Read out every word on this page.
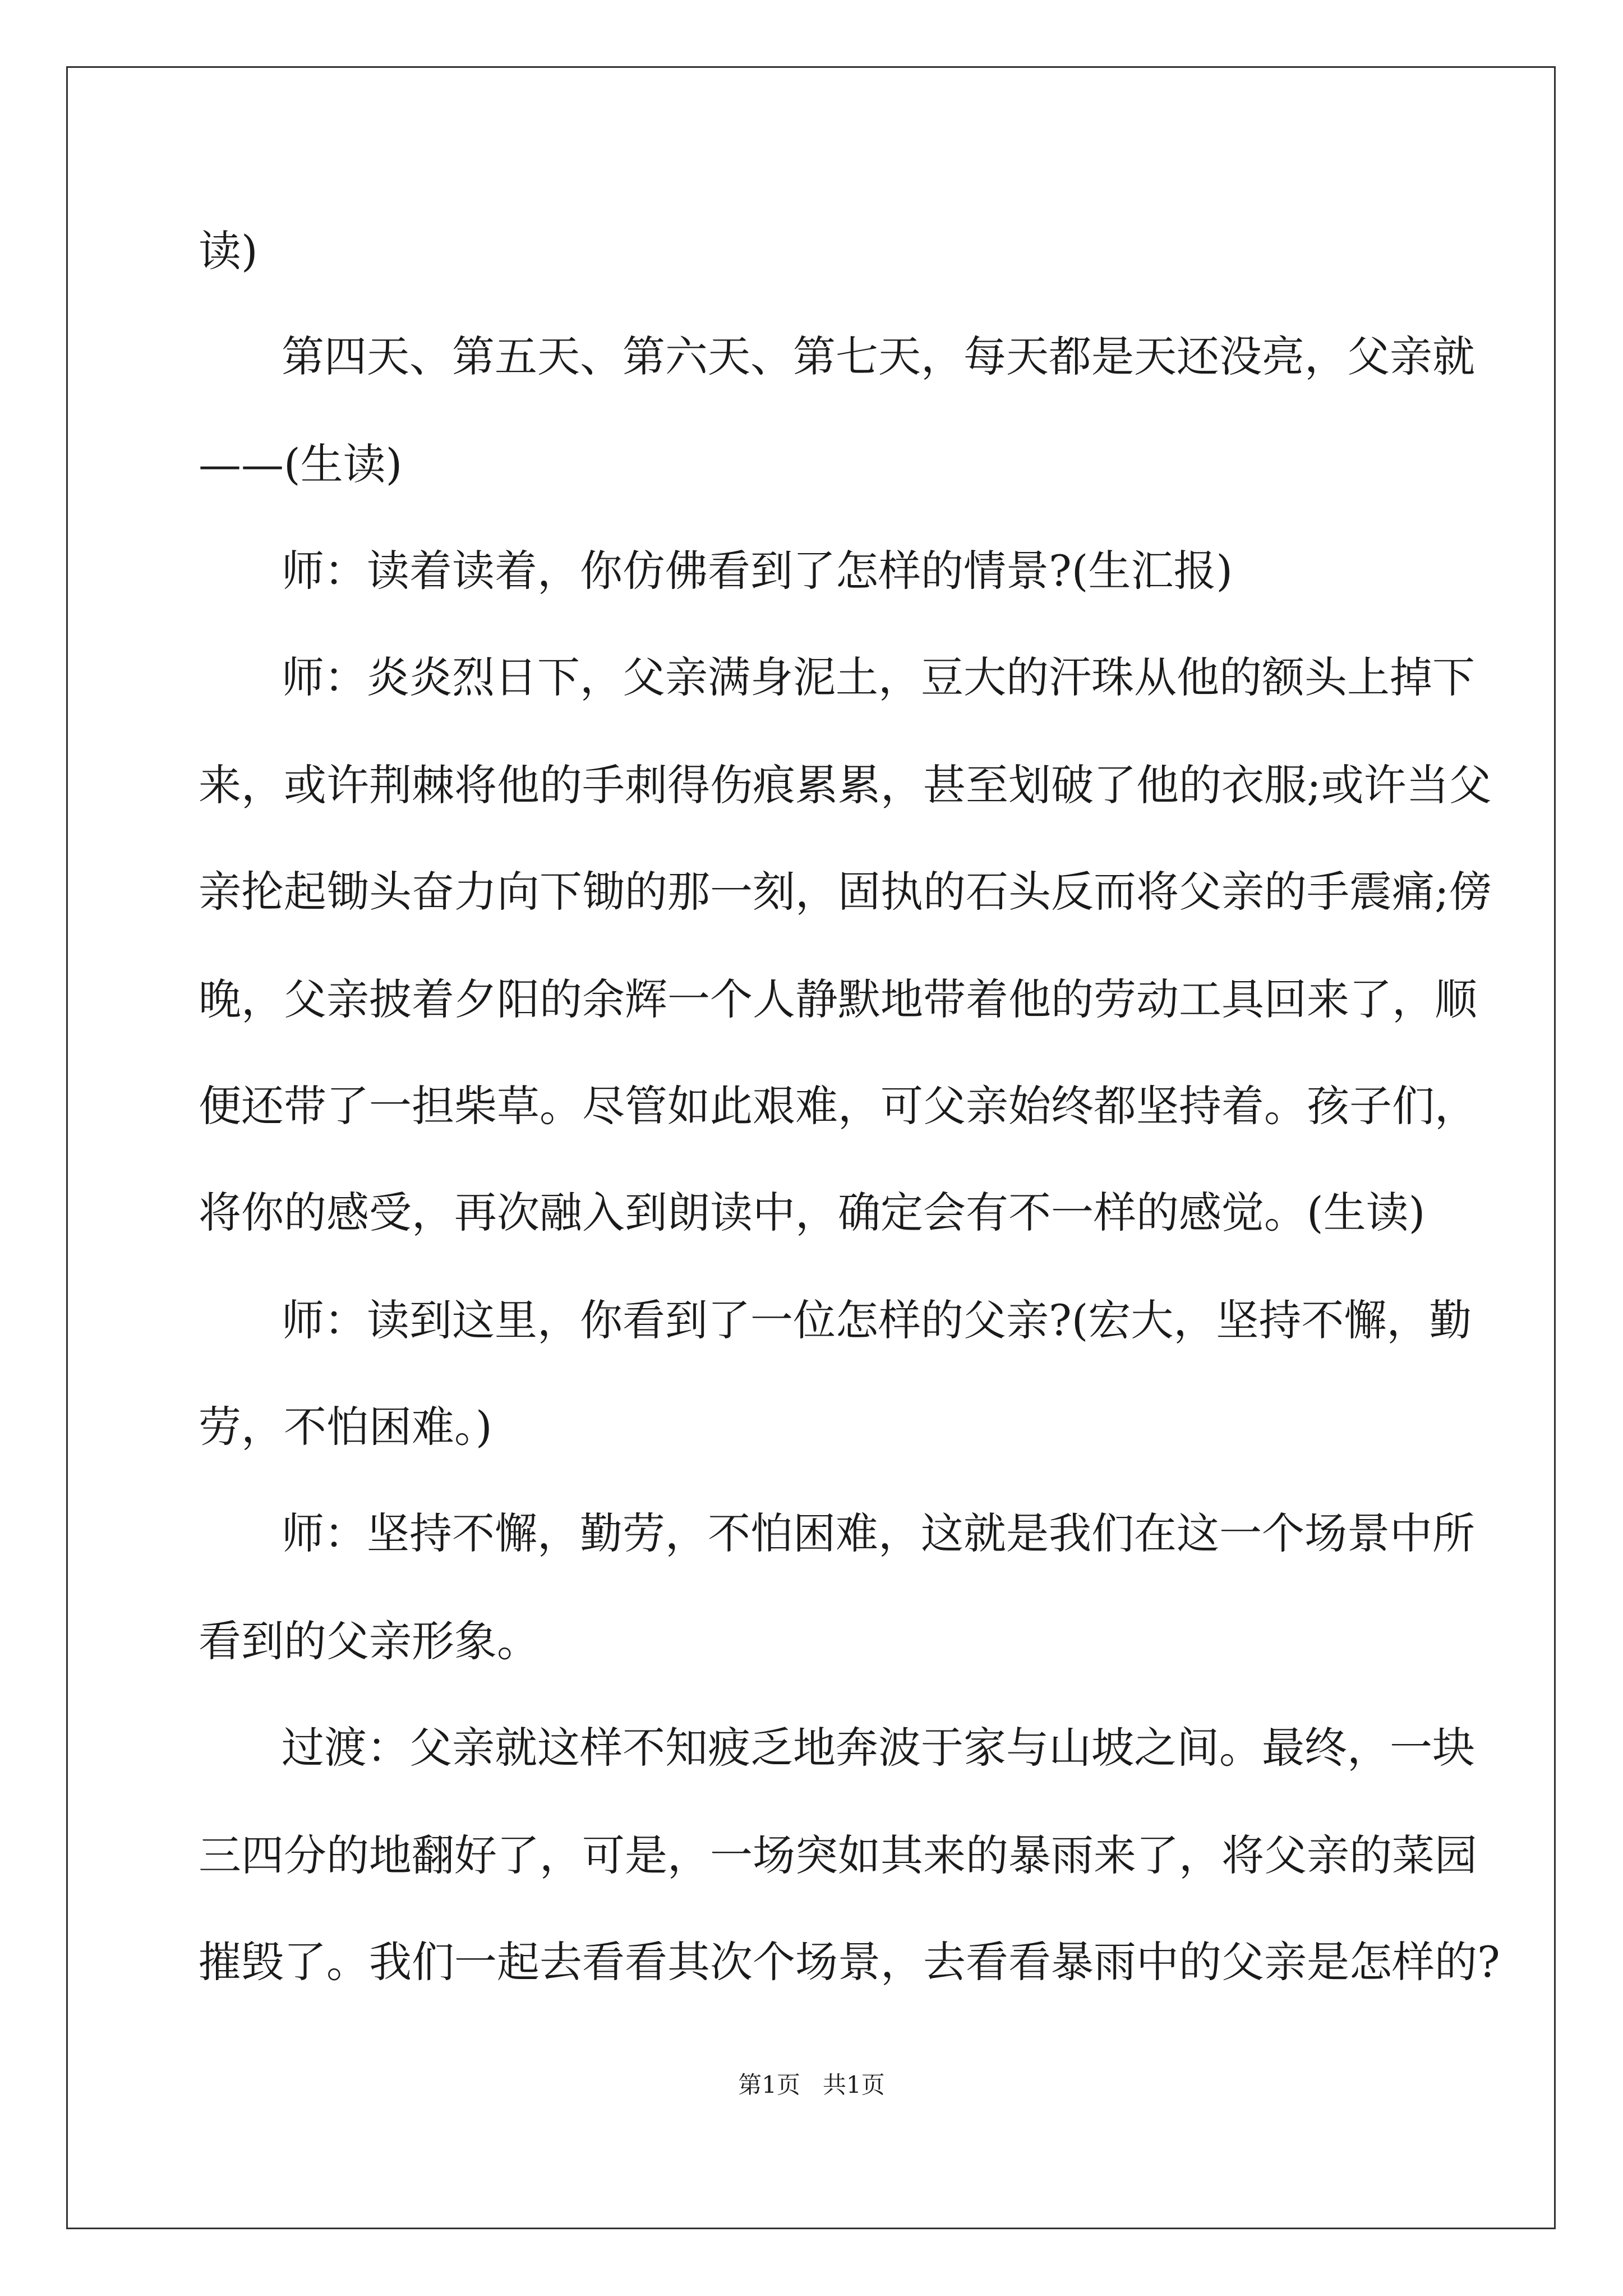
读)
第四天、第五天、第六天、第七天，每天都是天还没亮，父亲就
——(生读)
师：读着读着，你仿佛看到了怎样的情景?(生汇报)
师：炎炎烈日下，父亲满身泥土，豆大的汗珠从他的额头上掉下
来，或许荆棘将他的手刺得伤痕累累，甚至划破了他的衣服;或许当父
亲抡起锄头奋力向下锄的那一刻，固执的石头反而将父亲的手震痛;傍
晚，父亲披着夕阳的余辉一个人静默地带着他的劳动工具回来了，顺
便还带了一担柴草。尽管如此艰难，可父亲始终都坚持着。孩子们，
将你的感受，再次融入到朗读中，确定会有不一样的感觉。(生读)
师：读到这里，你看到了一位怎样的父亲?(宏大，坚持不懈，勤
劳，不怕困难。)
师：坚持不懈，勤劳，不怕困难，这就是我们在这一个场景中所
看到的父亲形象。
过渡：父亲就这样不知疲乏地奔波于家与山坡之间。最终，一块
三四分的地翻好了，可是，一场突如其来的暴雨来了，将父亲的菜园
摧毁了。我们一起去看看其次个场景，去看看暴雨中的父亲是怎样的?
第1页   共1页
